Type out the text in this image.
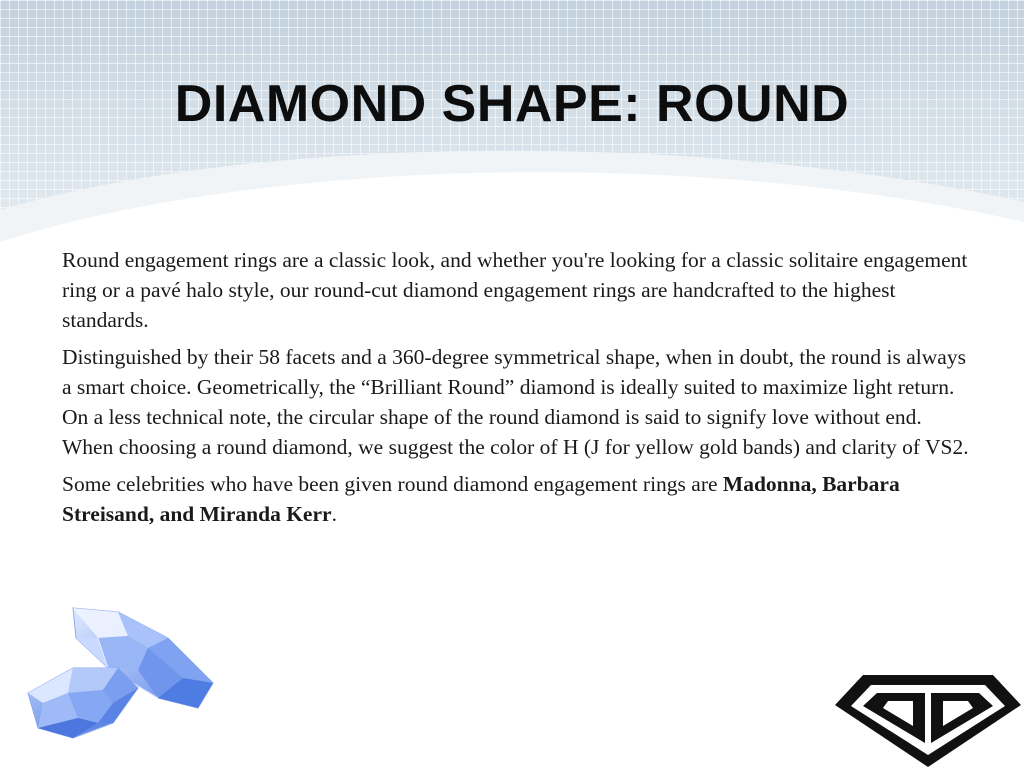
DIAMOND SHAPE: ROUND

Round engagement rings are a classic look, and whether you're looking for a classic solitaire engagement ring or a pavé halo style, our round-cut diamond engagement rings are handcrafted to the highest standards.

Distinguished by their 58 facets and a 360-degree symmetrical shape, when in doubt, the round is always a smart choice. Geometrically, the “Brilliant Round” diamond is ideally suited to maximize light return. On a less technical note, the circular shape of the round diamond is said to signify love without end. When choosing a round diamond, we suggest the color of H (J for yellow gold bands) and clarity of VS2.

Some celebrities who have been given round diamond engagement rings are Madonna, Barbara Streisand, and Miranda Kerr.
